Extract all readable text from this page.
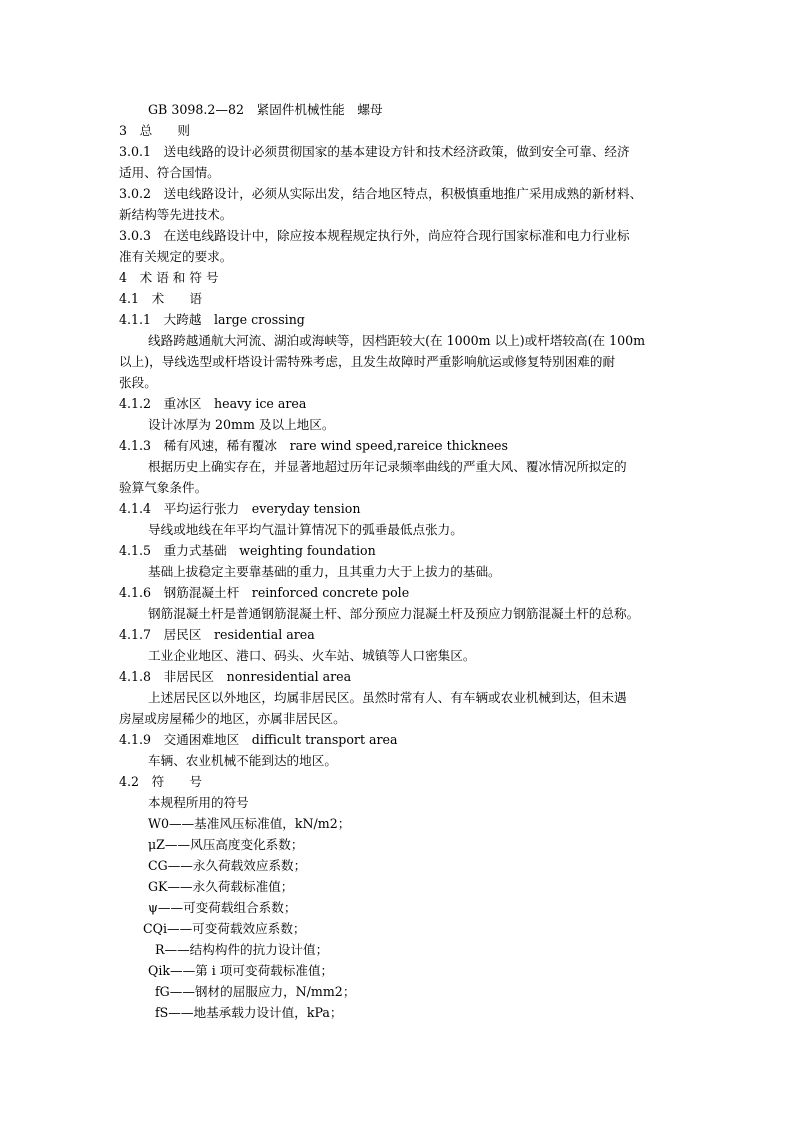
GB 3098.2—82　紧固件机械性能　螺母
3　总　　则
3.0.1　送电线路的设计必须贯彻国家的基本建设方针和技术经济政策，做到安全可靠、经济
适用、符合国情。
3.0.2　送电线路设计，必须从实际出发，结合地区特点，积极慎重地推广采用成熟的新材料、
新结构等先进技术。
3.0.3　在送电线路设计中，除应按本规程规定执行外，尚应符合现行国家标准和电力行业标
准有关规定的要求。
4　术 语 和 符 号
4.1　术　　语
4.1.1　大跨越　large crossing
线路跨越通航大河流、湖泊或海峡等，因档距较大(在 1000m 以上)或杆塔较高(在 100m
以上)，导线选型或杆塔设计需特殊考虑，且发生故障时严重影响航运或修复特别困难的耐
张段。
4.1.2　重冰区　heavy ice area
设计冰厚为 20mm 及以上地区。
4.1.3　稀有风速，稀有覆冰　rare wind speed,rareice thicknees
根据历史上确实存在，并显著地超过历年记录频率曲线的严重大风、覆冰情况所拟定的
验算气象条件。
4.1.4　平均运行张力　everyday tension
导线或地线在年平均气温计算情况下的弧垂最低点张力。
4.1.5　重力式基础　weighting foundation
基础上拔稳定主要靠基础的重力，且其重力大于上拔力的基础。
4.1.6　钢筋混凝土杆　reinforced concrete pole
钢筋混凝土杆是普通钢筋混凝土杆、部分预应力混凝土杆及预应力钢筋混凝土杆的总称。
4.1.7　居民区　residential area
工业企业地区、港口、码头、火车站、城镇等人口密集区。
4.1.8　非居民区　nonresidential area
上述居民区以外地区，均属非居民区。虽然时常有人、有车辆或农业机械到达，但未遇
房屋或房屋稀少的地区，亦属非居民区。
4.1.9　交通困难地区　difficult transport area
车辆、农业机械不能到达的地区。
4.2　符　　号
本规程所用的符号
W0——基准风压标准值，kN/m2；
μZ——风压高度变化系数；
CG——永久荷载效应系数；
GK——永久荷载标准值；
ψ——可变荷载组合系数；
CQi——可变荷载效应系数；
R——结构构件的抗力设计值；
Qik——第 i 项可变荷载标准值；
fG——钢材的屈服应力，N/mm2；
fS——地基承载力设计值，kPa；
